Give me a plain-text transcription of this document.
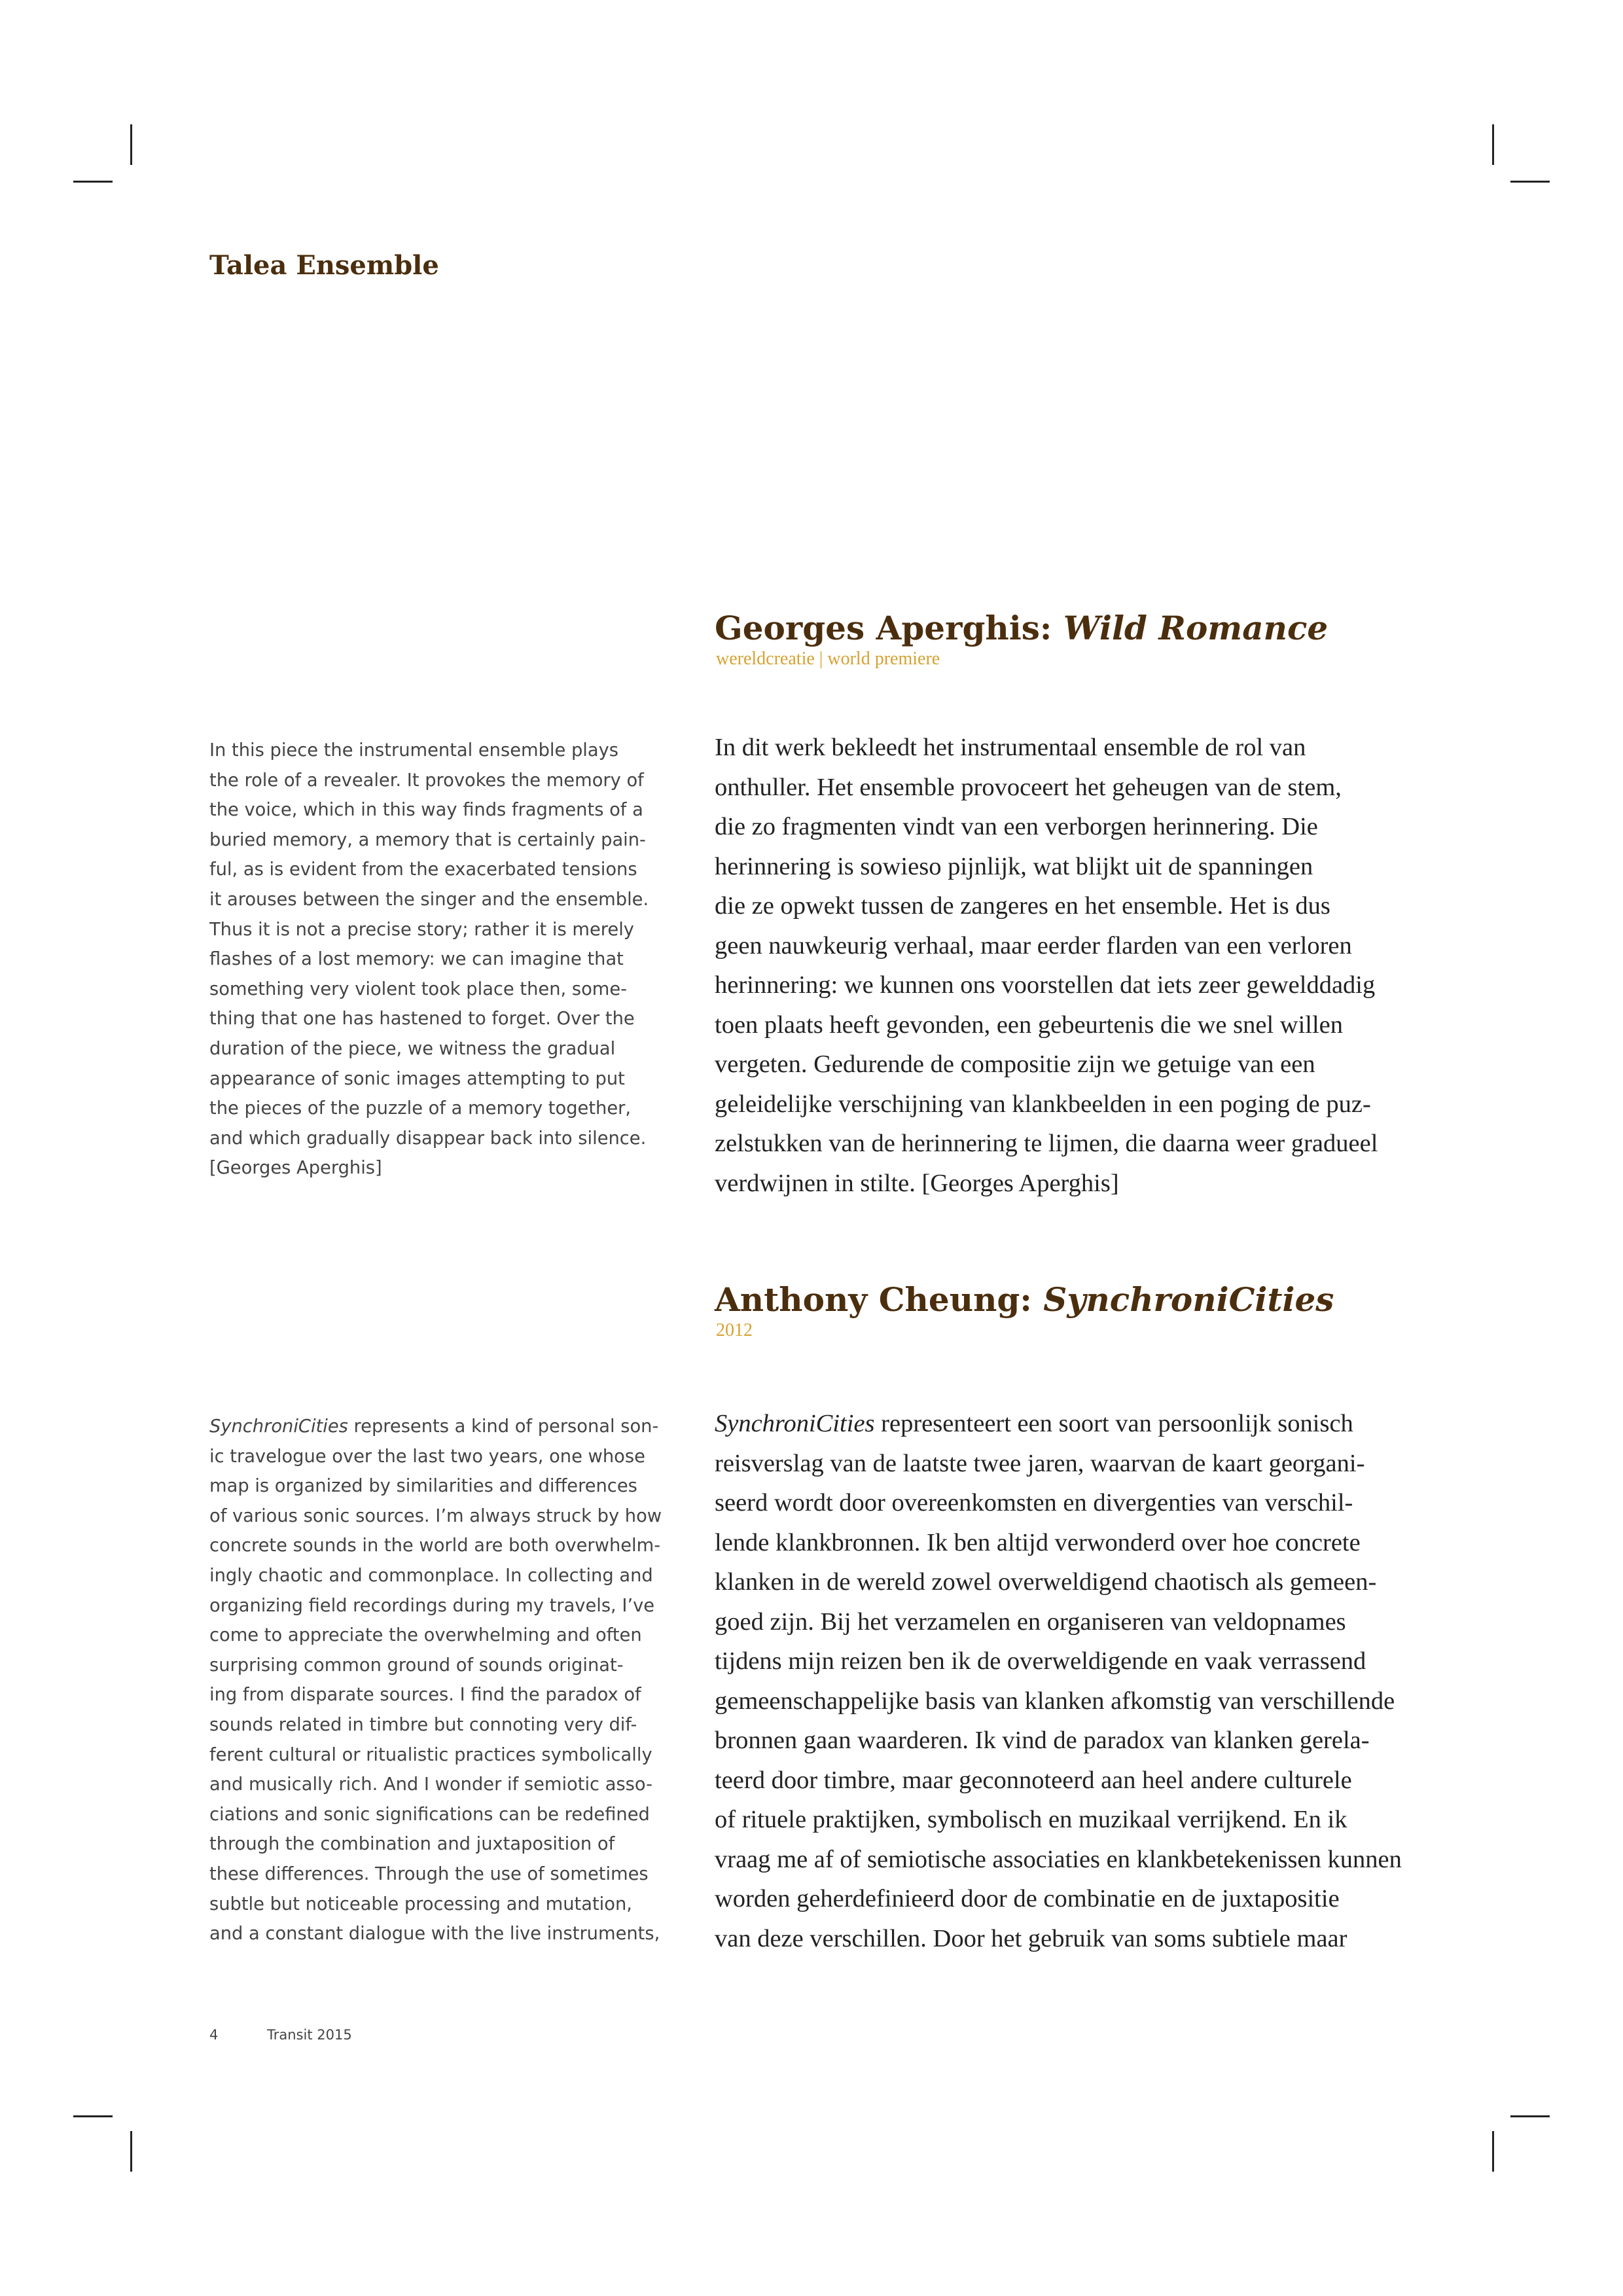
Talea Ensemble
Georges Aperghis: Wild Romance
wereldcreatie | world premiere

In this piece the instrumental ensemble plays
the role of a revealer. It provokes the memory of
the voice, which in this way finds fragments of a
buried memory, a memory that is certainly pain-
ful, as is evident from the exacerbated tensions
it arouses between the singer and the ensemble.
Thus it is not a precise story; rather it is merely
flashes of a lost memory: we can imagine that
something very violent took place then, some-
thing that one has hastened to forget. Over the
duration of the piece, we witness the gradual
appearance of sonic images attempting to put
the pieces of the puzzle of a memory together,
and which gradually disappear back into silence.
[Georges Aperghis]

In dit werk bekleedt het instrumentaal ensemble de rol van
onthuller. Het ensemble provoceert het geheugen van de stem,
die zo fragmenten vindt van een verborgen herinnering. Die
herinnering is sowieso pijnlijk, wat blijkt uit de spanningen
die ze opwekt tussen de zangeres en het ensemble. Het is dus
geen nauwkeurig verhaal, maar eerder flarden van een verloren
herinnering: we kunnen ons voorstellen dat iets zeer gewelddadig
toen plaats heeft gevonden, een gebeurtenis die we snel willen
vergeten. Gedurende de compositie zijn we getuige van een
geleidelijke verschijning van klankbeelden in een poging de puz-
zelstukken van de herinnering te lijmen, die daarna weer gradueel
verdwijnen in stilte. [Georges Aperghis]

Anthony Cheung: SynchroniCities
2012

SynchroniCities represents a kind of personal son-
ic travelogue over the last two years, one whose
map is organized by similarities and differences
of various sonic sources. I’m always struck by how
concrete sounds in the world are both overwhelm-
ingly chaotic and commonplace. In collecting and
organizing field recordings during my travels, I’ve
come to appreciate the overwhelming and often
surprising common ground of sounds originat-
ing from disparate sources. I find the paradox of
sounds related in timbre but connoting very dif-
ferent cultural or ritualistic practices symbolically
and musically rich. And I wonder if semiotic asso-
ciations and sonic significations can be redefined
through the combination and juxtaposition of
these differences. Through the use of sometimes
subtle but noticeable processing and mutation,
and a constant dialogue with the live instruments,

SynchroniCities representeert een soort van persoonlijk sonisch
reisverslag van de laatste twee jaren, waarvan de kaart georgani-
seerd wordt door overeenkomsten en divergenties van verschil-
lende klankbronnen. Ik ben altijd verwonderd over hoe concrete
klanken in de wereld zowel overweldigend chaotisch als gemeen-
goed zijn. Bij het verzamelen en organiseren van veldopnames
tijdens mijn reizen ben ik de overweldigende en vaak verrassend
gemeenschappelijke basis van klanken afkomstig van verschillende
bronnen gaan waarderen. Ik vind de paradox van klanken gerela-
teerd door timbre, maar geconnoteerd aan heel andere culturele
of rituele praktijken, symbolisch en muzikaal verrijkend. En ik
vraag me af of semiotische associaties en klankbetekenissen kunnen
worden geherdefinieerd door de combinatie en de juxtapositie
van deze verschillen. Door het gebruik van soms subtiele maar

4	Transit 2015
